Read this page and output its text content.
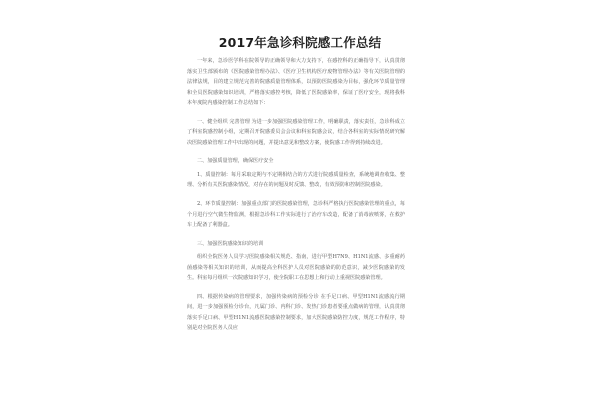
2017年急诊科院感工作总结

一年来，急诊医学科在院领导的正确领导和大力支持下，在感控科的正确指导下，认真贯彻落实卫生部颁布的《医院感染管理办法》、《医疗卫生机构医疗废物管理办法》等有关医院管理的法律法规，目的建立规范完善的院感质量管理体系，以预防医院感染为目标，强化环节质量管理和全员医院感染知识培训，严格落实感控考核，降低了医院感染率，保证了医疗安全，现将我科本年度院内感染控制工作总结如下：

一、健全组织 完善管理 为进一步加强医院感染管理工作，明确职责，落实责任，急诊科成立了科室院感控制小组，定期召开院感委员会会议和科室院感会议，结合各科室的实际情况研究解决医院感染管理工作中出现的问题，并提出意见和整改方案，使院感工作得到持续改进。

二、加强质量管理，确保医疗安全

1、质量控制：每月采取定期与不定期相结合的方式进行院感质量检查，系统地调查收集、整理、分析有关医院感染情况，对存在的问题及时反馈、整改，有效预防和控制医院感染。

2、环节质量控制：加强重点部门的医院感染管理，急诊科严格执行医院感染管理的重点，每个月进行空气微生物监测，根据急诊科工作实际进行了治疗车改造，配备了消毒液喷雾，在救护车上配备了利器盒。

三、加强医院感染知识的培训

组织全院医务人员学习医院感染相关规范、指南，进行甲型H7N9、H1N1流感、多重耐药菌感染等相关知识的培训，从而提高全科医护人员对医院感染的防范意识，减少医院感染的发生。科室每月组织一次院感知识学习，使全院职工在思想上和行动上重视医院感染管理。

四、根据传染病的管理要求，加强传染病的预检分诊 在手足口病、甲型H1N1流感流行期间，进一步加强预检分诊台，凡属门诊、内科门诊、发热门诊患者要重点做病的管理，认真贯彻落实手足口病、甲型H1N1流感医院感染控制要求，加大医院感染防控力度，规范工作程序，特别是对全院医务人员应
